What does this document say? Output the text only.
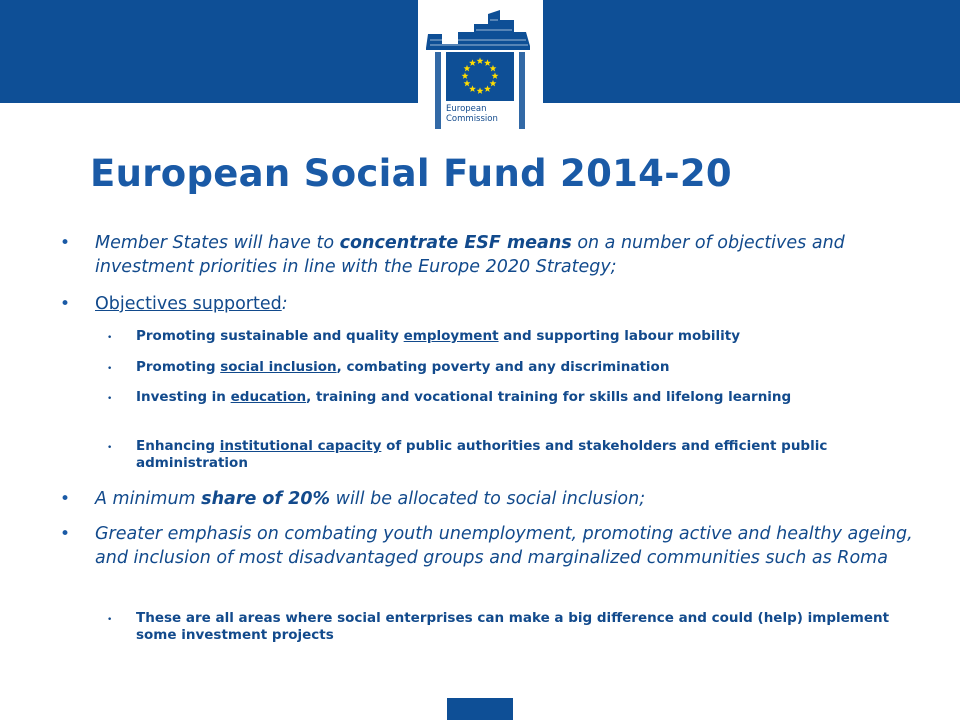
European
Commission
European Social Fund 2014-20
•	Member States will have to concentrate ESF means on a number of objectives and investment priorities in line with the Europe 2020 Strategy;
•	Objectives supported:
• Promoting sustainable and quality employment and supporting labour mobility
• Promoting social inclusion, combating poverty and any discrimination
• Investing in education, training and vocational training for skills and lifelong learning
• Enhancing institutional capacity of public authorities and stakeholders and efficient public administration
•	A minimum share of 20% will be allocated to social inclusion;
•	Greater emphasis on combating youth unemployment, promoting active and healthy ageing, and inclusion of most disadvantaged groups and marginalized communities such as Roma
• These are all areas where social enterprises can make a big difference and could (help) implement some investment projects
